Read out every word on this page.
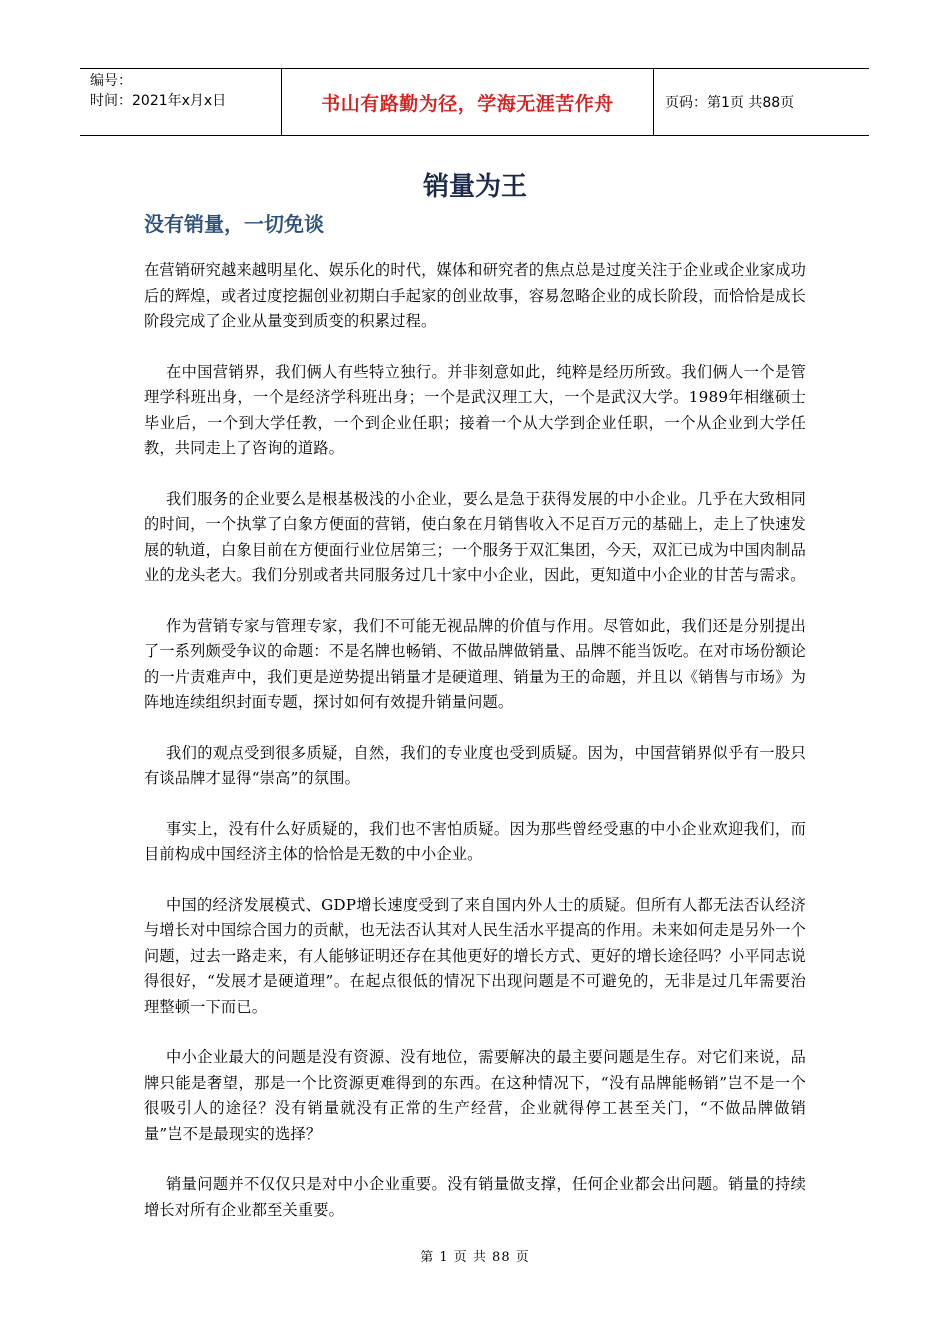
编号：
时间：2021年x月x日	书山有路勤为径，学海无涯苦作舟	页码：第1页 共88页
销量为王
没有销量，一切免谈

在营销研究越来越明星化、娱乐化的时代，媒体和研究者的焦点总是过度关注于企业或企业家成功后的辉煌，或者过度挖掘创业初期白手起家的创业故事，容易忽略企业的成长阶段，而恰恰是成长阶段完成了企业从量变到质变的积累过程。

在中国营销界，我们俩人有些特立独行。并非刻意如此，纯粹是经历所致。我们俩人一个是管理学科班出身，一个是经济学科班出身；一个是武汉理工大，一个是武汉大学。1989年相继硕士毕业后，一个到大学任教，一个到企业任职；接着一个从大学到企业任职，一个从企业到大学任教，共同走上了咨询的道路。

我们服务的企业要么是根基极浅的小企业，要么是急于获得发展的中小企业。几乎在大致相同的时间，一个执掌了白象方便面的营销，使白象在月销售收入不足百万元的基础上，走上了快速发展的轨道，白象目前在方便面行业位居第三；一个服务于双汇集团，今天，双汇已成为中国肉制品业的龙头老大。我们分别或者共同服务过几十家中小企业，因此，更知道中小企业的甘苦与需求。

作为营销专家与管理专家，我们不可能无视品牌的价值与作用。尽管如此，我们还是分别提出了一系列颇受争议的命题：不是名牌也畅销、不做品牌做销量、品牌不能当饭吃。在对市场份额论的一片责难声中，我们更是逆势提出销量才是硬道理、销量为王的命题，并且以《销售与市场》为阵地连续组织封面专题，探讨如何有效提升销量问题。

我们的观点受到很多质疑，自然，我们的专业度也受到质疑。因为，中国营销界似乎有一股只有谈品牌才显得“崇高”的氛围。

事实上，没有什么好质疑的，我们也不害怕质疑。因为那些曾经受惠的中小企业欢迎我们，而目前构成中国经济主体的恰恰是无数的中小企业。

中国的经济发展模式、GDP增长速度受到了来自国内外人士的质疑。但所有人都无法否认经济与增长对中国综合国力的贡献，也无法否认其对人民生活水平提高的作用。未来如何走是另外一个问题，过去一路走来，有人能够证明还存在其他更好的增长方式、更好的增长途径吗？小平同志说得很好，“发展才是硬道理”。在起点很低的情况下出现问题是不可避免的，无非是过几年需要治理整顿一下而已。

中小企业最大的问题是没有资源、没有地位，需要解决的最主要问题是生存。对它们来说，品牌只能是奢望，那是一个比资源更难得到的东西。在这种情况下，“没有品牌能畅销”岂不是一个很吸引人的途径？没有销量就没有正常的生产经营，企业就得停工甚至关门，“不做品牌做销量”岂不是最现实的选择？

销量问题并不仅仅只是对中小企业重要。没有销量做支撑，任何企业都会出问题。销量的持续增长对所有企业都至关重要。

第 1 页 共 88 页
